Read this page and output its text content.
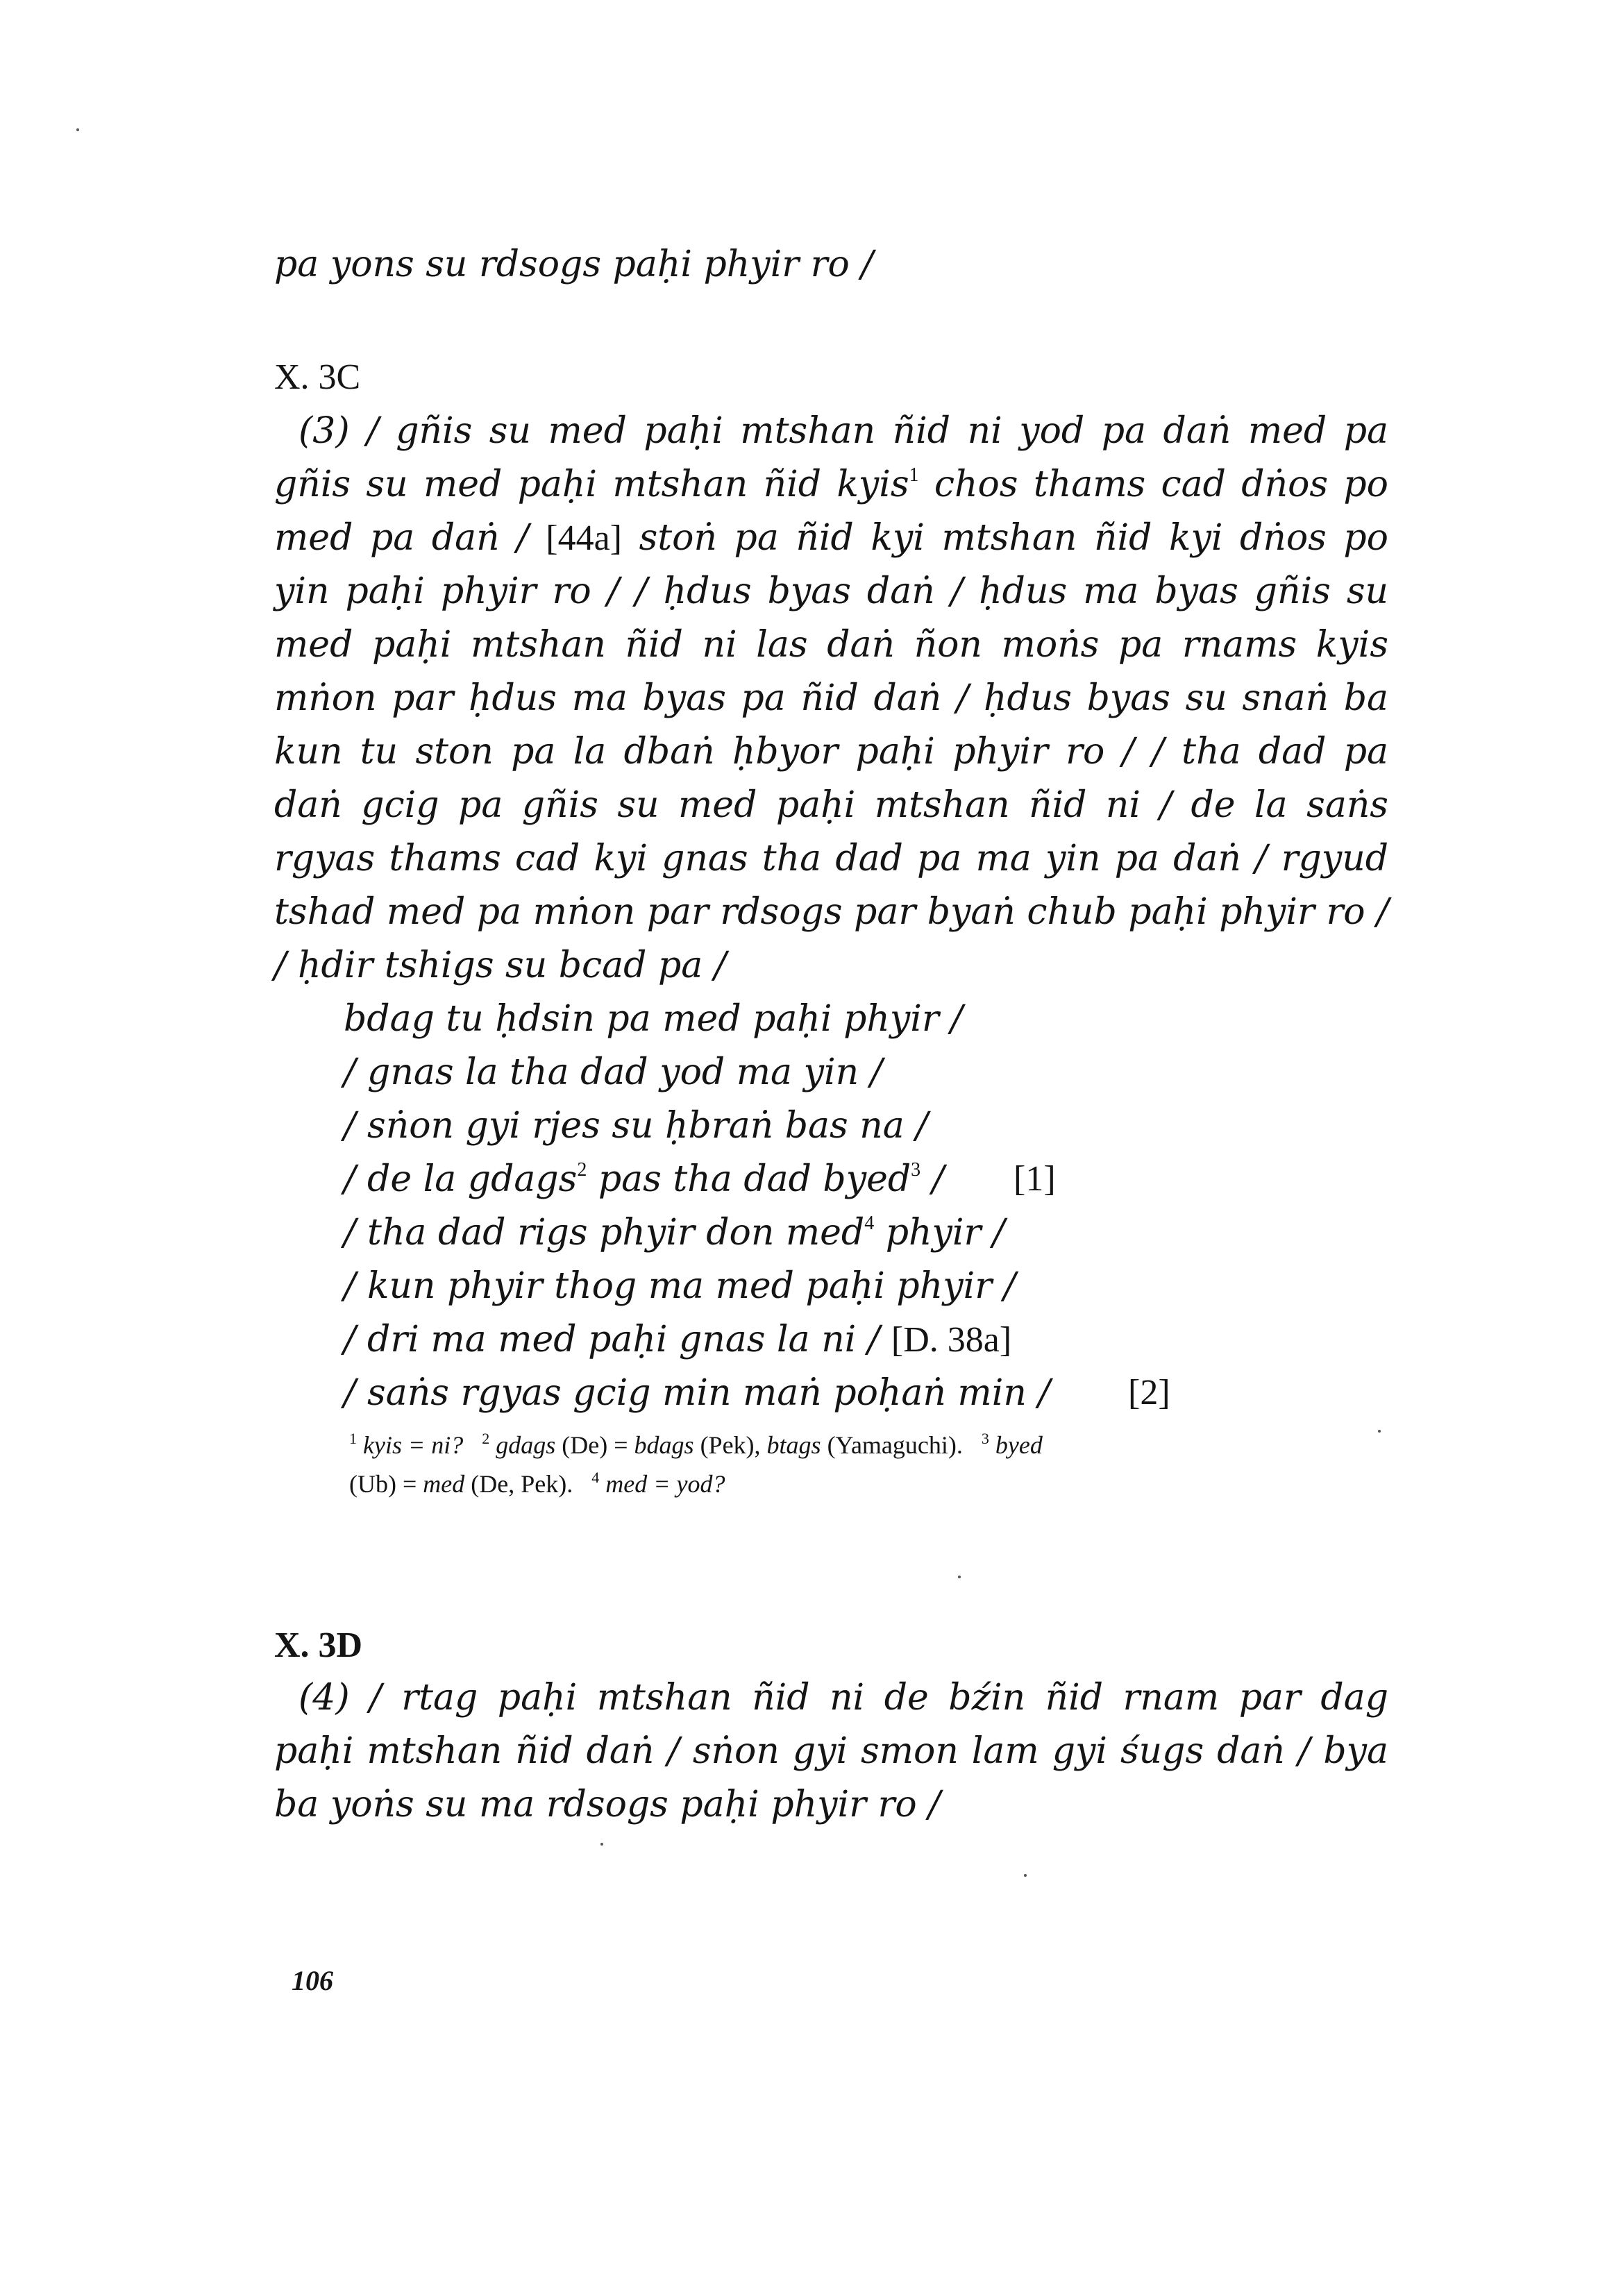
pa yons su rdsogs paḥi phyir ro /
X. 3C
(3) / gñis su med paḥi mtshan ñid ni yod pa daṅ med pa
gñis su med paḥi mtshan ñid kyis$^1$ chos thams cad dṅos po
med pa daṅ / [44a] stoṅ pa ñid kyi mtshan ñid kyi dṅos po
yin paḥi phyir ro / / ḥdus byas daṅ / ḥdus ma byas gñis su
med paḥi mtshan ñid ni las daṅ ñon moṅs pa rnams kyis
mṅon par ḥdus ma byas pa ñid daṅ / ḥdus byas su snaṅ ba
kun tu ston pa la dbaṅ ḥbyor paḥi phyir ro / / tha dad pa
daṅ gcig pa gñis su med paḥi mtshan ñid ni / de la saṅs
rgyas thams cad kyi gnas tha dad pa ma yin pa daṅ / rgyud
tshad med pa mṅon par rdsogs par byaṅ chub paḥi phyir ro /
/ ḥdir tshigs su bcad pa /
bdag tu ḥdsin pa med paḥi phyir /
/ gnas la tha dad yod ma yin /
/ sṅon gyi rjes su ḥbraṅ bas na /
/ de la gdags$^2$ pas tha dad byed$^3$ / [1]
/ tha dad rigs phyir don med$^4$ phyir /
/ kun phyir thog ma med paḥi phyir /
/ dri ma med paḥi gnas la ni / [D. 38a]
/ saṅs rgyas gcig min maṅ poḥaṅ min / [2]
$^1$ kyis = ni? $^2$ gdags (De) = bdags (Pek), btags (Yamaguchi). $^3$ byed
(Ub) = med (De, Pek). $^4$ med = yod?
X. 3D
(4) / rtag paḥi mtshan ñid ni de bźin ñid rnam par dag
paḥi mtshan ñid daṅ / sṅon gyi smon lam gyi śugs daṅ / bya
ba yoṅs su ma rdsogs paḥi phyir ro /
106
